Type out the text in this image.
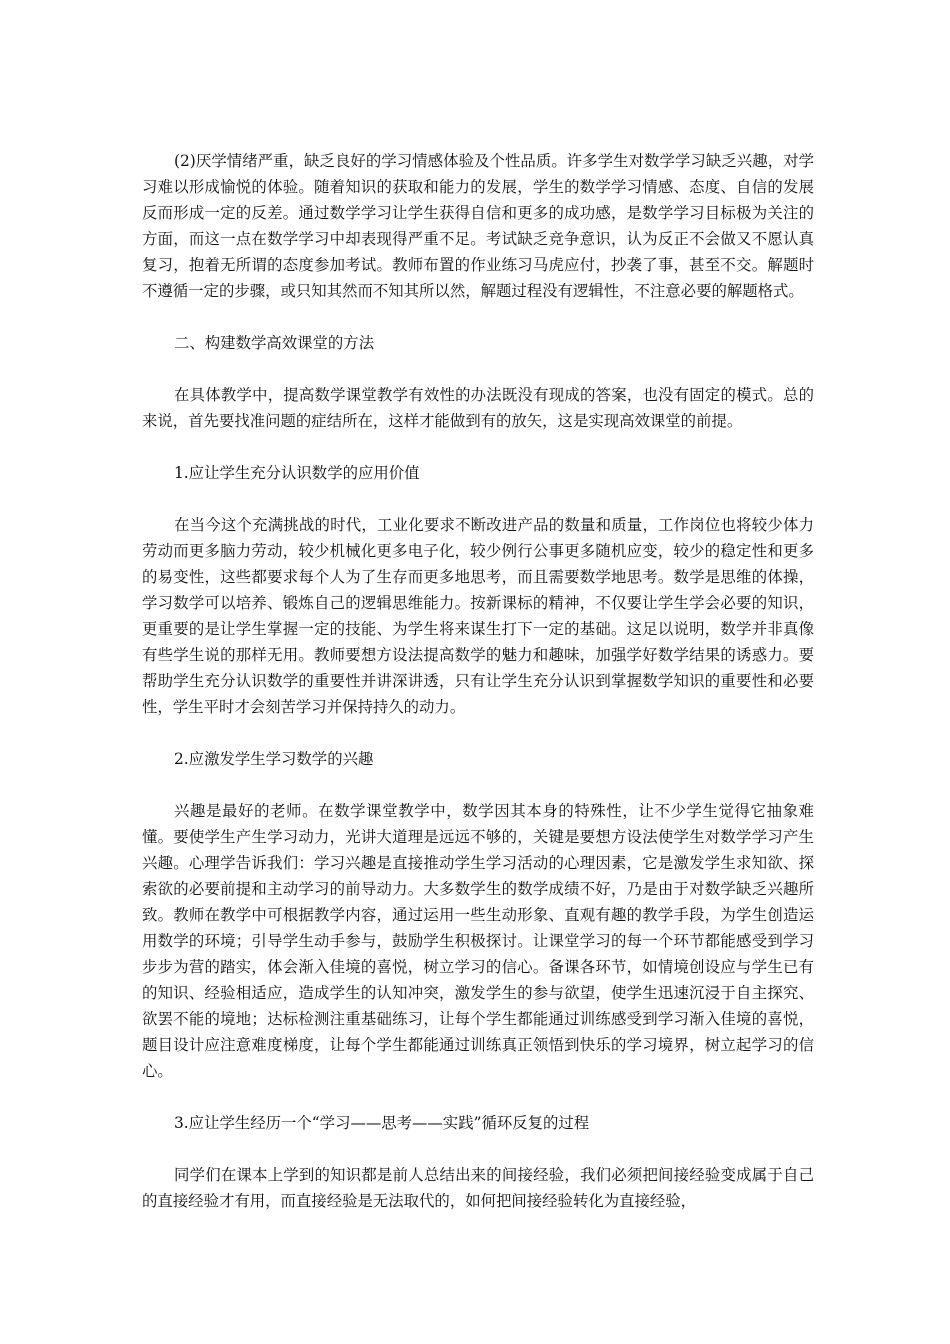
(2)厌学情绪严重，缺乏良好的学习情感体验及个性品质。许多学生对数学学习缺乏兴趣，对学习难以形成愉悦的体验。随着知识的获取和能力的发展，学生的数学学习情感、态度、自信的发展反而形成一定的反差。通过数学学习让学生获得自信和更多的成功感，是数学学习目标极为关注的方面，而这一点在数学学习中却表现得严重不足。考试缺乏竞争意识，认为反正不会做又不愿认真复习，抱着无所谓的态度参加考试。教师布置的作业练习马虎应付，抄袭了事，甚至不交。解题时不遵循一定的步骤，或只知其然而不知其所以然，解题过程没有逻辑性，不注意必要的解题格式。

二、构建数学高效课堂的方法

在具体教学中，提高数学课堂教学有效性的办法既没有现成的答案，也没有固定的模式。总的来说，首先要找准问题的症结所在，这样才能做到有的放矢，这是实现高效课堂的前提。

1.应让学生充分认识数学的应用价值

在当今这个充满挑战的时代，工业化要求不断改进产品的数量和质量，工作岗位也将较少体力劳动而更多脑力劳动，较少机械化更多电子化，较少例行公事更多随机应变，较少的稳定性和更多的易变性，这些都要求每个人为了生存而更多地思考，而且需要数学地思考。数学是思维的体操，学习数学可以培养、锻炼自己的逻辑思维能力。按新课标的精神，不仅要让学生学会必要的知识，更重要的是让学生掌握一定的技能、为学生将来谋生打下一定的基础。这足以说明，数学并非真像有些学生说的那样无用。教师要想方设法提高数学的魅力和趣味，加强学好数学结果的诱惑力。要帮助学生充分认识数学的重要性并讲深讲透，只有让学生充分认识到掌握数学知识的重要性和必要性，学生平时才会刻苦学习并保持持久的动力。

2.应激发学生学习数学的兴趣

兴趣是最好的老师。在数学课堂教学中，数学因其本身的特殊性，让不少学生觉得它抽象难懂。要使学生产生学习动力，光讲大道理是远远不够的，关键是要想方设法使学生对数学学习产生兴趣。心理学告诉我们：学习兴趣是直接推动学生学习活动的心理因素，它是激发学生求知欲、探索欲的必要前提和主动学习的前导动力。大多数学生的数学成绩不好，乃是由于对数学缺乏兴趣所致。教师在教学中可根据教学内容，通过运用一些生动形象、直观有趣的教学手段，为学生创造运用数学的环境；引导学生动手参与，鼓励学生积极探讨。让课堂学习的每一个环节都能感受到学习步步为营的踏实，体会渐入佳境的喜悦，树立学习的信心。备课各环节，如情境创设应与学生已有的知识、经验相适应，造成学生的认知冲突，激发学生的参与欲望，使学生迅速沉浸于自主探究、欲罢不能的境地；达标检测注重基础练习，让每个学生都能通过训练感受到学习渐入佳境的喜悦，题目设计应注意难度梯度，让每个学生都能通过训练真正领悟到快乐的学习境界，树立起学习的信心。

3.应让学生经历一个“学习——思考——实践”循环反复的过程

同学们在课本上学到的知识都是前人总结出来的间接经验，我们必须把间接经验变成属于自己的直接经验才有用，而直接经验是无法取代的，如何把间接经验转化为直接经验，
